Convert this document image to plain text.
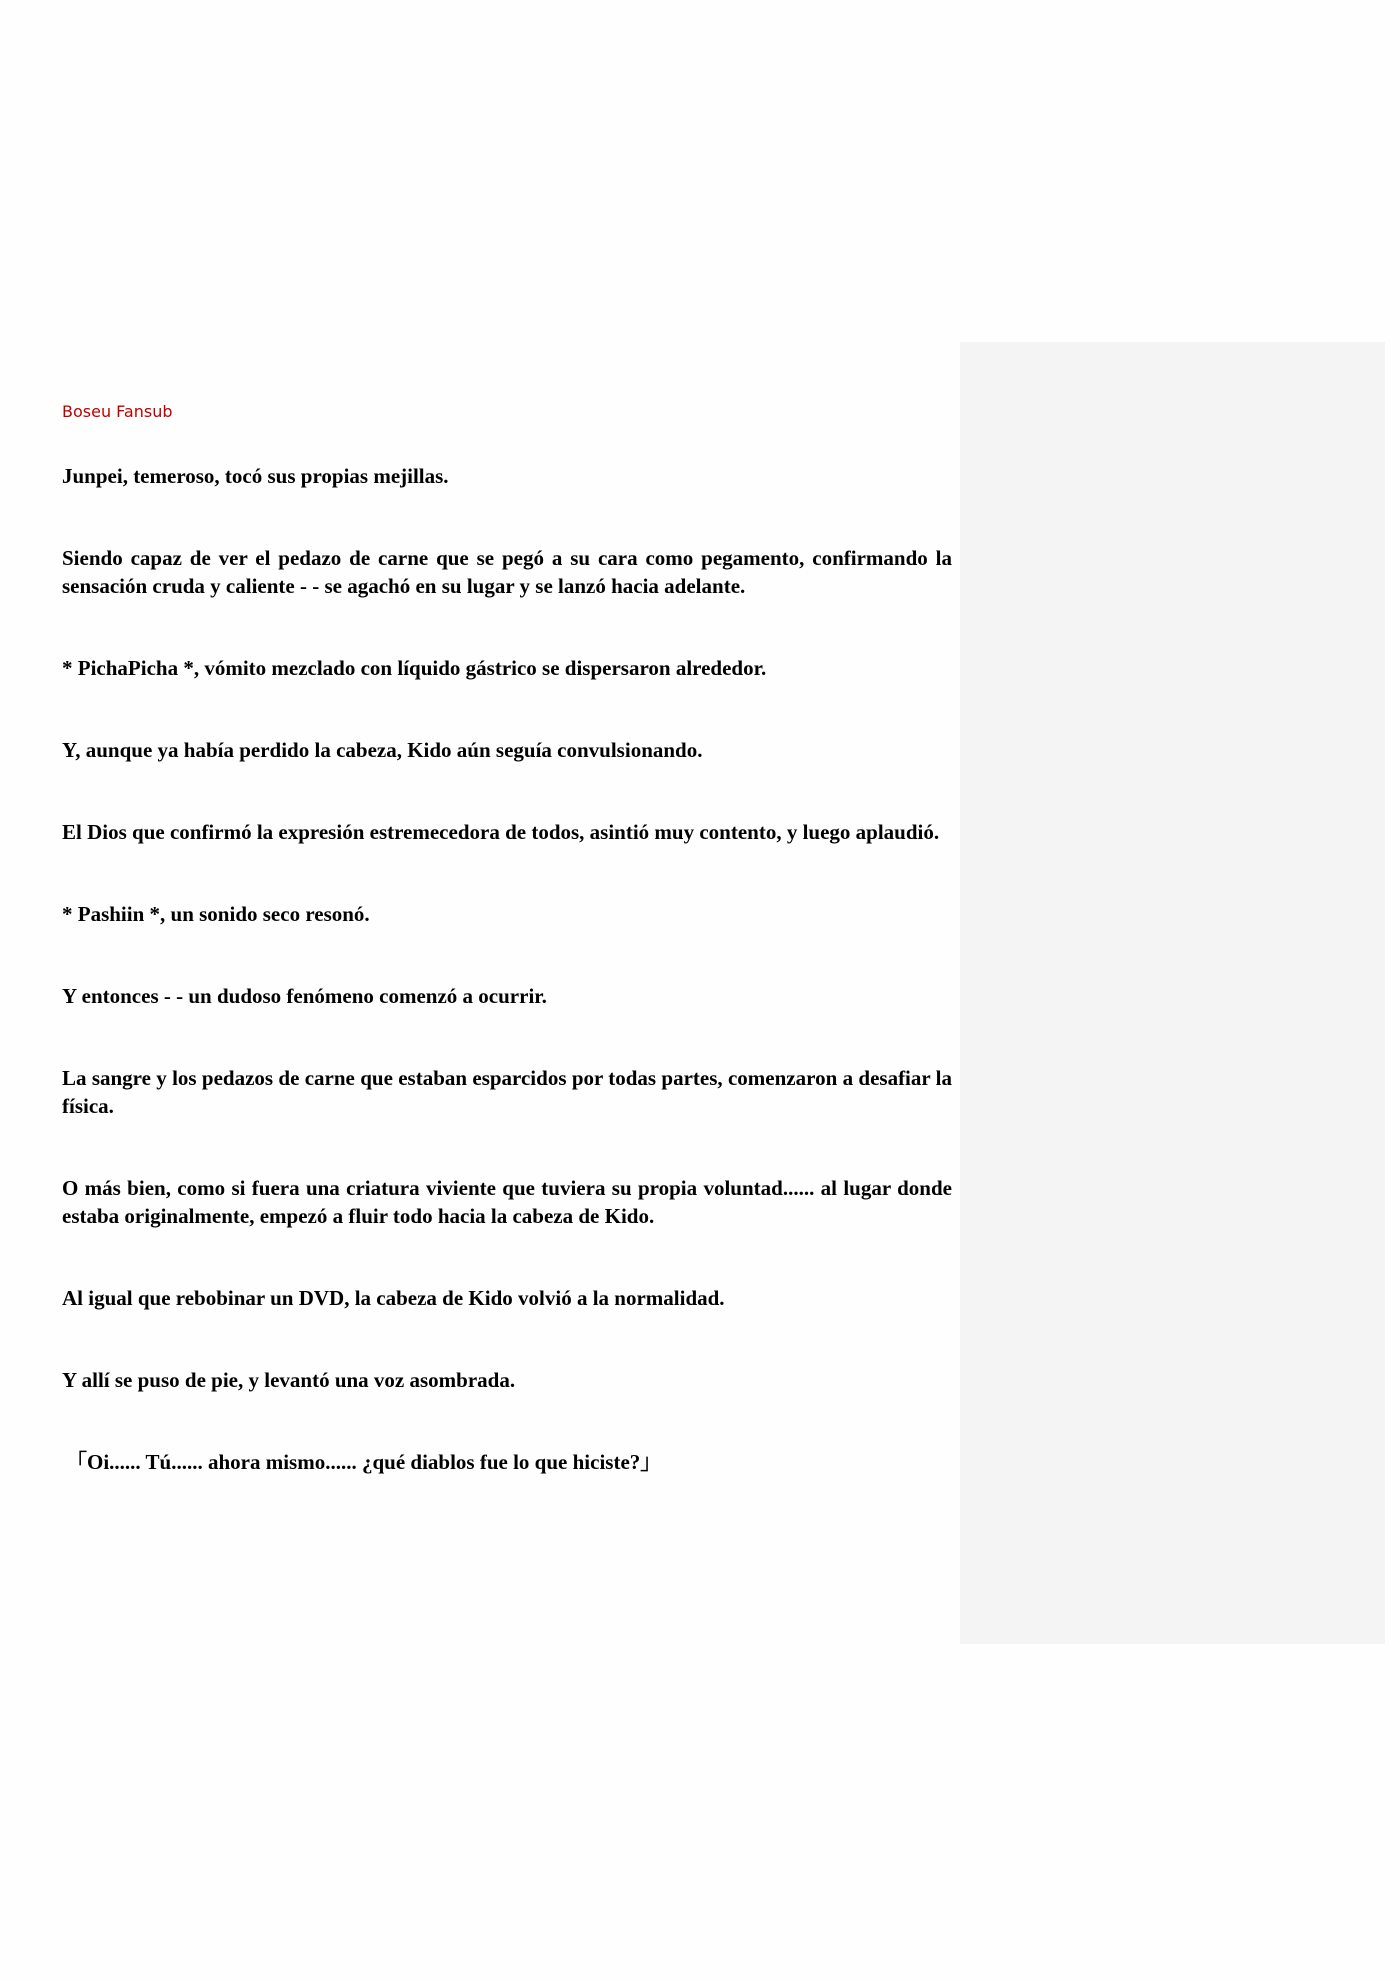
Boseu Fansub

Junpei, temeroso, tocó sus propias mejillas.

Siendo capaz de ver el pedazo de carne que se pegó a su cara como pegamento, confirmando la sensación cruda y caliente - - se agachó en su lugar y se lanzó hacia adelante.

* PichaPicha *, vómito mezclado con líquido gástrico se dispersaron alrededor.

Y, aunque ya había perdido la cabeza, Kido aún seguía convulsionando.

El Dios que confirmó la expresión estremecedora de todos, asintió muy contento, y luego aplaudió.

* Pashiin *, un sonido seco resonó.

Y entonces - - un dudoso fenómeno comenzó a ocurrir.

La sangre y los pedazos de carne que estaban esparcidos por todas partes, comenzaron a desafiar la física.

O más bien, como si fuera una criatura viviente que tuviera su propia voluntad...... al lugar donde estaba originalmente, empezó a fluir todo hacia la cabeza de Kido.

Al igual que rebobinar un DVD, la cabeza de Kido volvió a la normalidad.

Y allí se puso de pie, y levantó una voz asombrada.

「Oi...... Tú...... ahora mismo...... ¿qué diablos fue lo que hiciste?」
